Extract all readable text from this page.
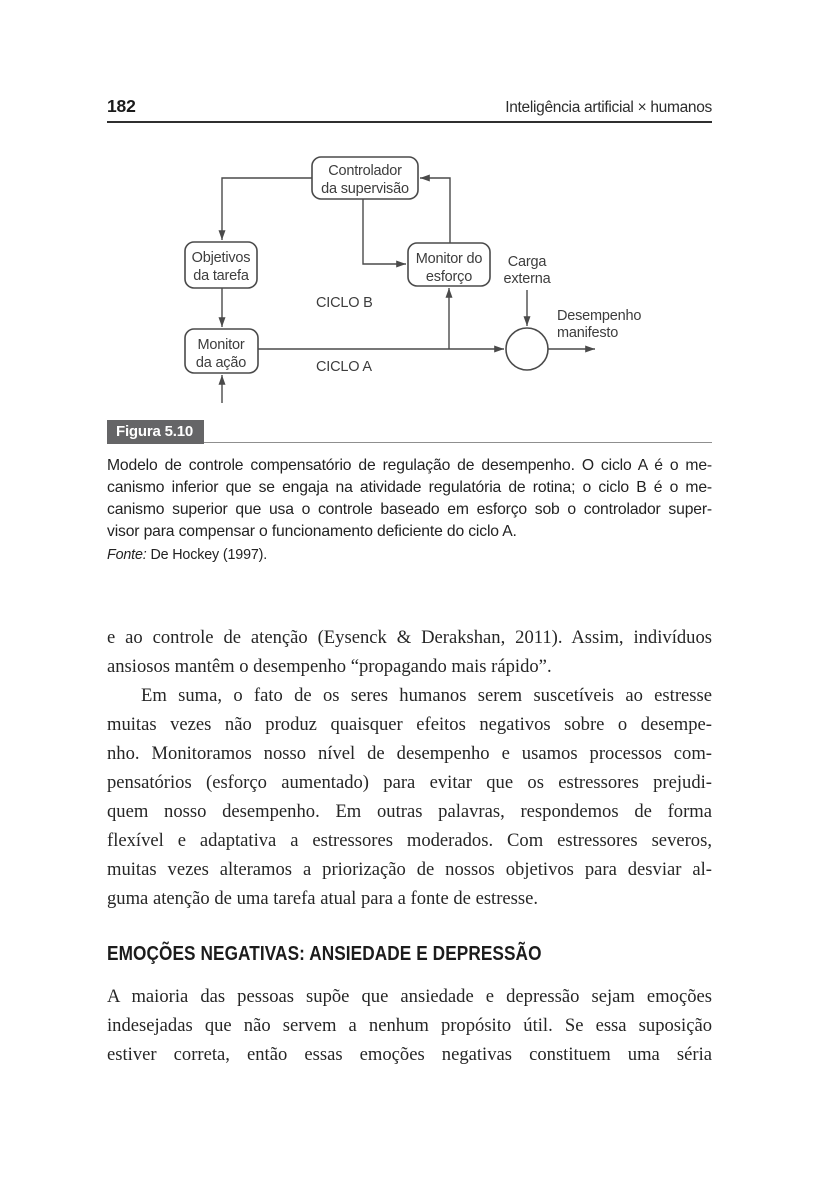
182	Inteligência artificial × humanos
Controlador
da supervisão
Objetivos
da tarefa
Monitor do
esforço
Monitor
da ação
CICLO B
CICLO A
Carga
externa
Desempenho
manifesto
Figura 5.10
Modelo de controle compensatório de regulação de desempenho. O ciclo A é o me-
canismo inferior que se engaja na atividade regulatória de rotina; o ciclo B é o me-
canismo superior que usa o controle baseado em esforço sob o controlador super-
visor para compensar o funcionamento deficiente do ciclo A.
Fonte: De Hockey (1997).
e ao controle de atenção (Eysenck & Derakshan, 2011). Assim, indivíduos
ansiosos mantêm o desempenho “propagando mais rápido”.
Em suma, o fato de os seres humanos serem suscetíveis ao estresse
muitas vezes não produz quaisquer efeitos negativos sobre o desempe-
nho. Monitoramos nosso nível de desempenho e usamos processos com-
pensatórios (esforço aumentado) para evitar que os estressores prejudi-
quem nosso desempenho. Em outras palavras, respondemos de forma
flexível e adaptativa a estressores moderados. Com estressores severos,
muitas vezes alteramos a priorização de nossos objetivos para desviar al-
guma atenção de uma tarefa atual para a fonte de estresse.
EMOÇÕES NEGATIVAS: ANSIEDADE E DEPRESSÃO
A maioria das pessoas supõe que ansiedade e depressão sejam emoções
indesejadas que não servem a nenhum propósito útil. Se essa suposição
estiver correta, então essas emoções negativas constituem uma séria
